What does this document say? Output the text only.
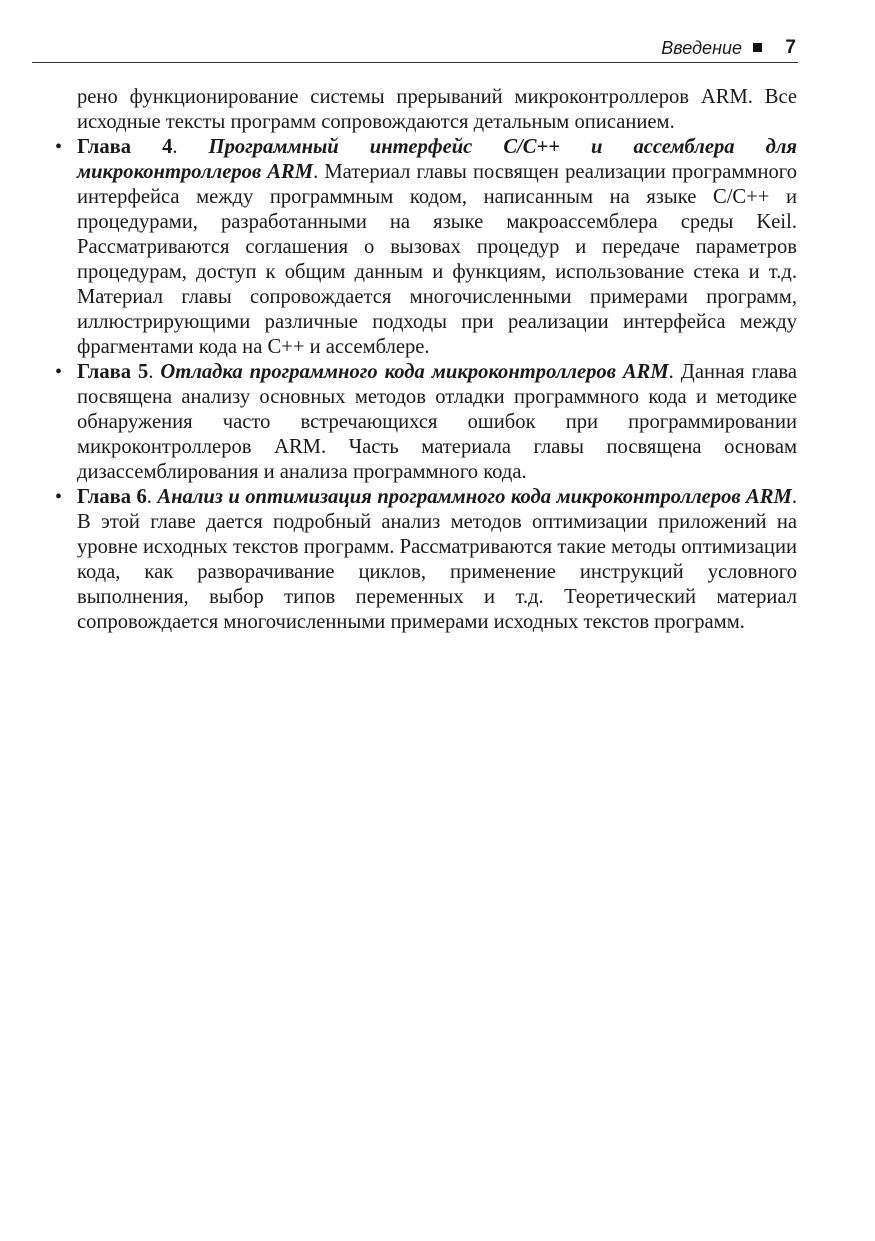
Введение 7

рено функционирование системы прерываний микроконтроллеров ARM. Все исходные тексты программ сопровождаются детальным описанием.

• Глава 4. Программный интерфейс C/C++ и ассемблера для микроконтроллеров ARM. Материал главы посвящен реализации программного интерфейса между программным кодом, написанным на языке C/C++ и процедурами, разработанными на языке макроассемблера среды Keil. Рассматриваются соглашения о вызовах процедур и передаче параметров процедурам, доступ к общим данным и функциям, использование стека и т.д. Материал главы сопровождается многочисленными примерами программ, иллюстрирующими различные подходы при реализации интерфейса между фрагментами кода на C++ и ассемблере.
• Глава 5. Отладка программного кода микроконтроллеров ARM. Данная глава посвящена анализу основных методов отладки программного кода и методике обнаружения часто встречающихся ошибок при программировании микроконтроллеров ARM. Часть материала главы посвящена основам дизассемблирования и анализа программного кода.
• Глава 6. Анализ и оптимизация программного кода микроконтроллеров ARM. В этой главе дается подробный анализ методов оптимизации приложений на уровне исходных текстов программ. Рассматриваются такие методы оптимизации кода, как разворачивание циклов, применение инструкций условного выполнения, выбор типов переменных и т.д. Теоретический материал сопровождается многочисленными примерами исходных текстов программ.
